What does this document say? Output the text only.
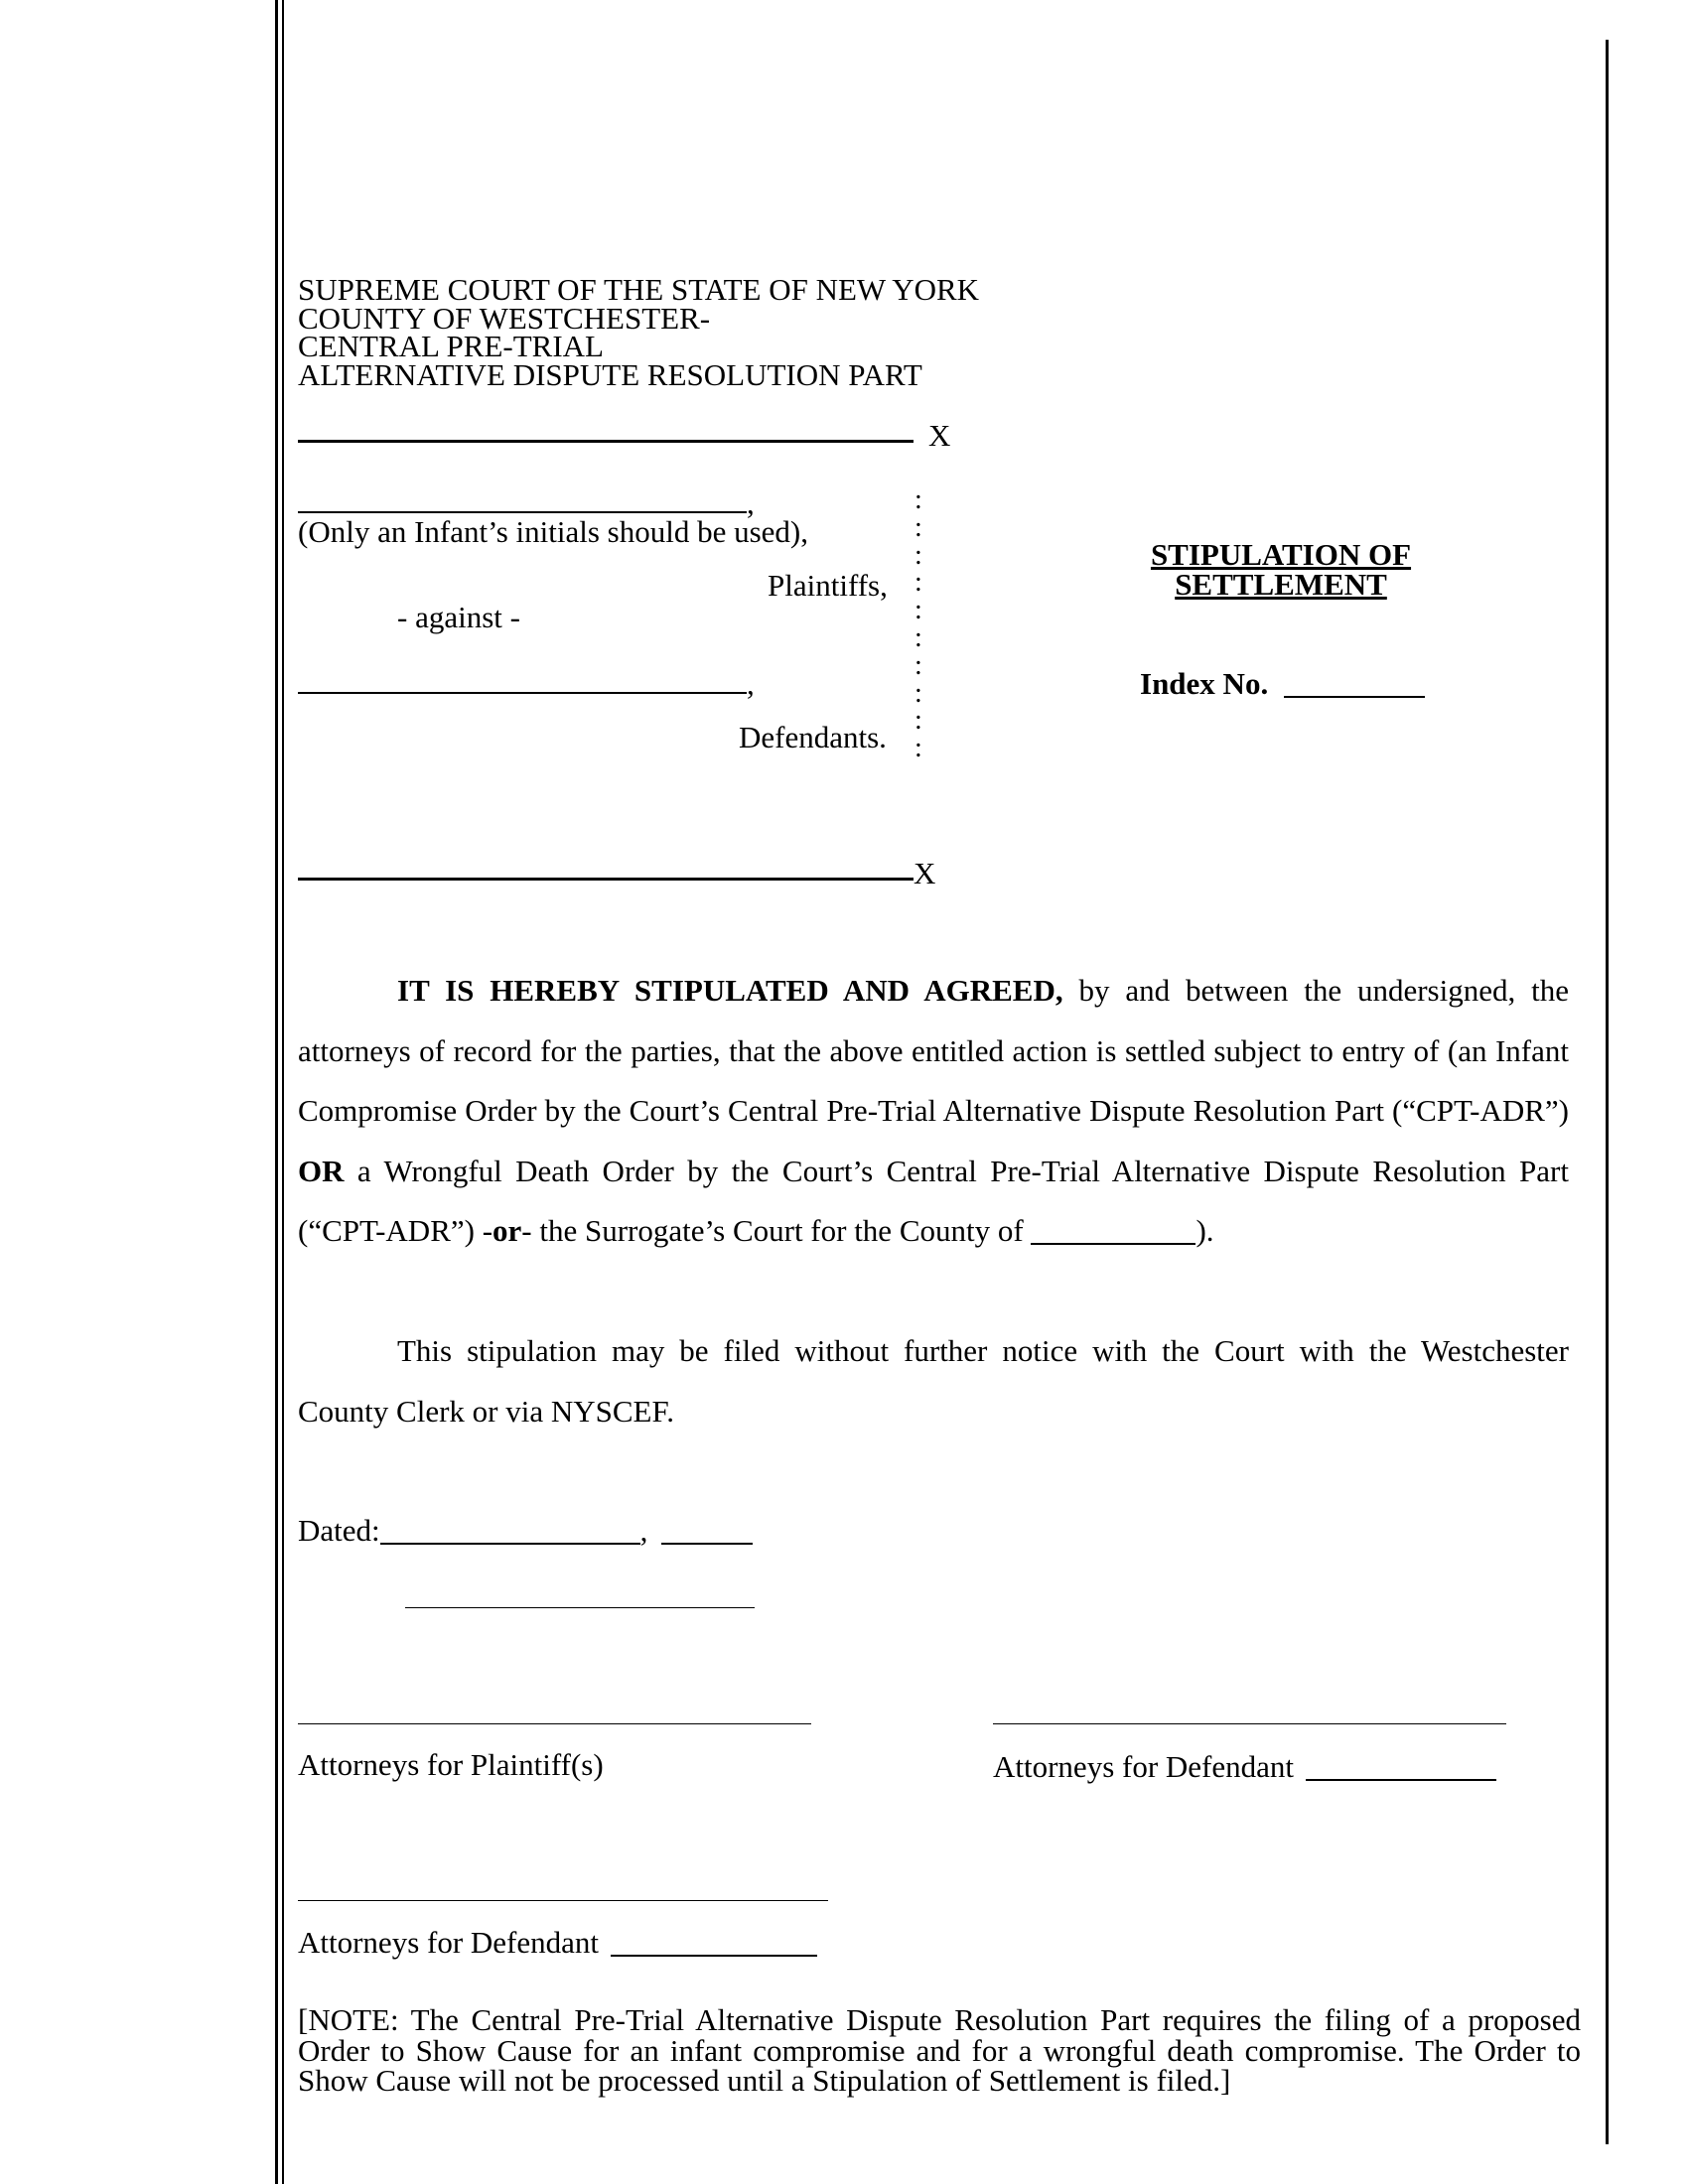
SUPREME COURT OF THE STATE OF NEW YORK
COUNTY OF WESTCHESTER-
CENTRAL PRE-TRIAL
ALTERNATIVE DISPUTE RESOLUTION PART
X
,
(Only an Infant’s initials should be used),
Plaintiffs,
- against -
,
Defendants.
:
:
:
:
:
:
:
:
:
:
X
STIPULATION OF SETTLEMENT
Index No.

IT IS HEREBY STIPULATED AND AGREED, by and between the undersigned, the attorneys of record for the parties, that the above entitled action is settled subject to entry of (an Infant Compromise Order by the Court’s Central Pre-Trial Alternative Dispute Resolution Part (“CPT-ADR”) OR a Wrongful Death Order by the Court’s Central Pre-Trial Alternative Dispute Resolution Part (“CPT-ADR”) -or- the Surrogate’s Court for the County of	).

This stipulation may be filed without further notice with the Court with the Westchester County Clerk or via NYSCEF.

Dated:	,
Attorneys for Plaintiff(s)	Attorneys for Defendant
Attorneys for Defendant
[NOTE: The Central Pre-Trial Alternative Dispute Resolution Part requires the filing of a proposed Order to Show Cause for an infant compromise and for a wrongful death compromise. The Order to Show Cause will not be processed until a Stipulation of Settlement is filed.]
